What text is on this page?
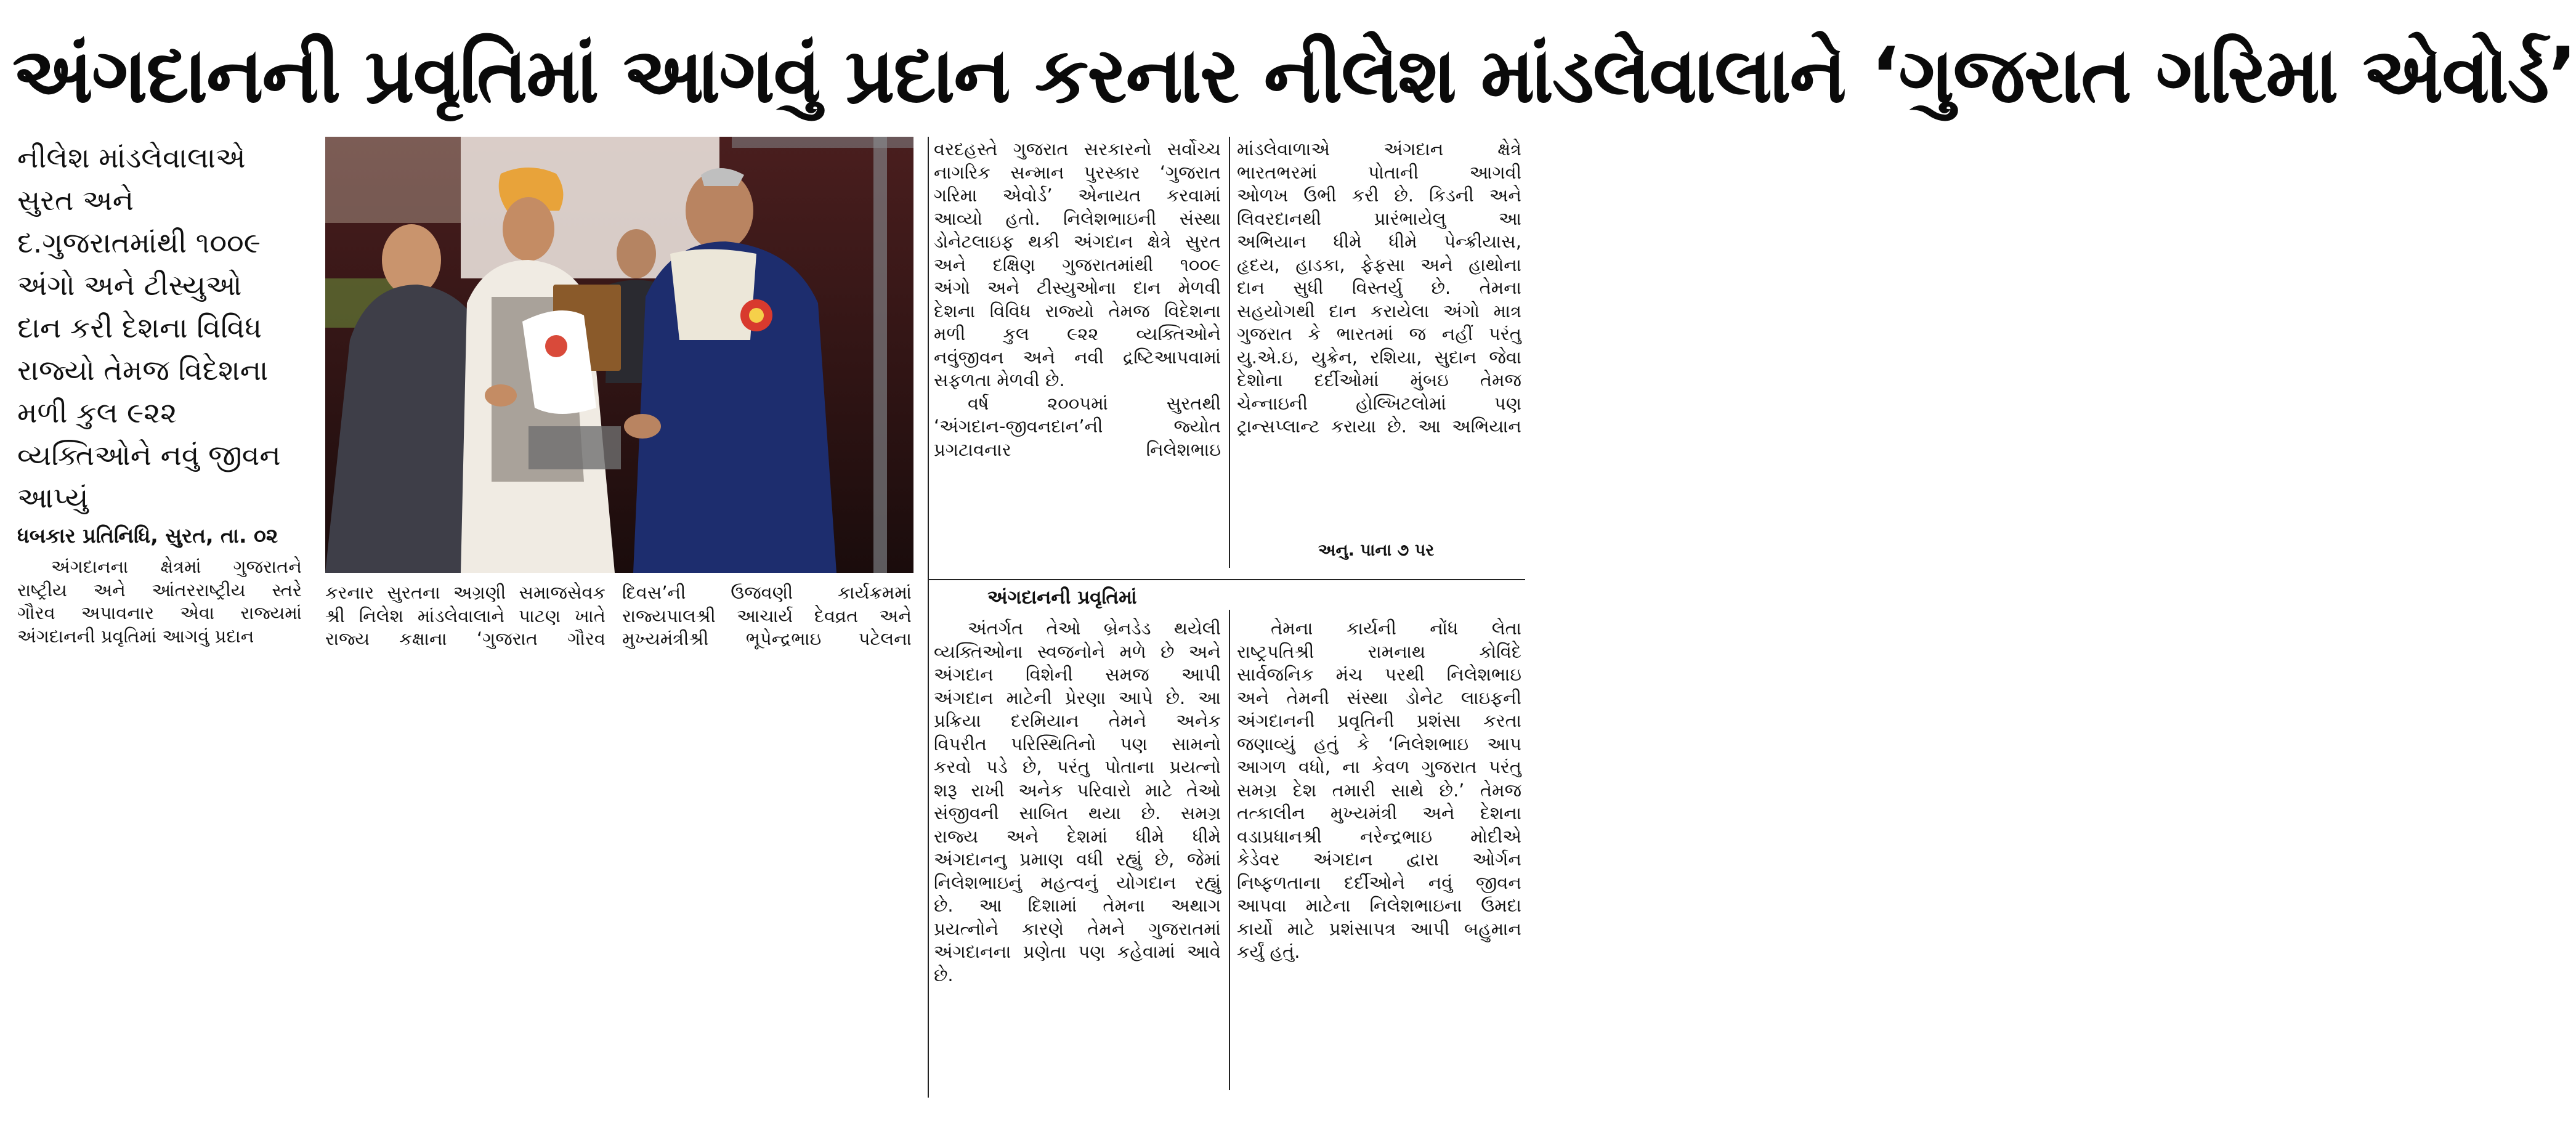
અંગદાનની પ્રવૃતિમાં આગવું પ્રદાન કરનાર નીલેશ માંડલેવાલાને ‘ગુજરાત ગરિમા એવોર્ડ’
નીલેશ માંડલેવાલાએ
સુરત અને
દ.ગુજરાતમાંથી ૧૦૦૯
અંગો અને ટીસ્યુઓ
દાન કરી દેશના વિવિધ
રાજ્યો તેમજ વિદેશના
મળી કુલ ૯૨૨
વ્યક્તિઓને નવું જીવન
આપ્યું
ધબકાર પ્રતિનિધિ, સુરત, તા. ૦૨
અંગદાનના ક્ષેત્રમાં ગુજરાતને
રાષ્ટ્રીય અને આંતરરાષ્ટ્રીય સ્તરે
ગૌરવ અપાવનાર એવા રાજ્યમાં
અંગદાનની પ્રવૃતિમાં આગવું પ્રદાન
કરનાર સુરતના અગ્રણી સમાજસેવક
શ્રી નિલેશ માંડલેવાલાને પાટણ ખાતે
રાજ્ય કક્ષાના ‘ગુજરાત ગૌરવ
દિવસ’ની ઉજવણી કાર્યક્રમમાં
રાજ્યપાલશ્રી આચાર્ય દેવવ્રત અને
મુખ્યમંત્રીશ્રી ભૂપેન્દ્રભાઇ પટેલના
વરદહસ્તે ગુજરાત સરકારનો સર્વોચ્ચ
નાગરિક સન્માન પુરસ્કાર ‘ગુજરાત
ગરિમા એવોર્ડ’ એનાયત કરવામાં
આવ્યો હતો. નિલેશભાઇની સંસ્થા
ડોનેટલાઇફ થકી અંગદાન ક્ષેત્રે સુરત
અને દક્ષિણ ગુજરાતમાંથી ૧૦૦૯
અંગો અને ટીસ્યુઓના દાન મેળવી
દેશના વિવિધ રાજ્યો તેમજ વિદેશના
મળી કુલ ૯૨૨ વ્યક્તિઓને
નવુંજીવન અને નવી દ્રષ્ટિઆપવામાં
સફળતા મેળવી છે.
વર્ષ ૨૦૦૫માં સુરતથી
‘અંગદાન-જીવનદાન’ની જ્યોત
પ્રગટાવનાર નિલેશભાઇ
માંડલેવાળાએ અંગદાન ક્ષેત્રે
ભારતભરમાં પોતાની આગવી
ઓળખ ઉભી કરી છે. કિડની અને
લિવરદાનથી પ્રારંભાયેલુ આ
અભિયાન ધીમે ધીમે પેન્ક્રીયાસ,
હૃદય, હાડકા, ફેફસા અને હાથોના
દાન સુધી વિસ્તર્યુ છે. તેમના
સહયોગથી દાન કરાયેલા અંગો માત્ર
ગુજરાત કે ભારતમાં જ નહીં પરંતુ
યુ.એ.ઇ, યુક્રેન, રશિયા, સુદાન જેવા
દેશોના દર્દીઓમાં મુંબઇ તેમજ
ચેન્નાઇની હોલ્ખિટલોમાં પણ
ટ્રાન્સપ્લાન્ટ કરાયા છે. આ અભિયાન
અનુ. પાના ૭ પર
અંગદાનની પ્રવૃતિમાં
અંતર્ગત તેઓ બ્રેનડેડ થયેલી
વ્યક્તિઓના સ્વજનોને મળે છે અને
અંગદાન વિશેની સમજ આપી
અંગદાન માટેની પ્રેરણા આપે છે. આ
પ્રક્રિયા દરમિયાન તેમને અનેક
વિપરીત પરિસ્થિતિનો પણ સામનો
કરવો પડે છે, પરંતુ પોતાના પ્રયત્નો
શરૂ રાખી અનેક પરિવારો માટે તેઓ
સંજીવની સાબિત થયા છે. સમગ્ર
રાજ્ય અને દેશમાં ધીમે ધીમે
અંગદાનનુ પ્રમાણ વધી રહ્યું છે, જેમાં
નિલેશભાઇનું મહત્વનું યોગદાન રહ્યું
છે. આ દિશામાં તેમના અથાગ
પ્રયત્નોને કારણે તેમને ગુજરાતમાં
અંગદાનના પ્રણેતા પણ કહેવામાં આવે
છે.
તેમના કાર્યની નોંધ લેતા
રાષ્ટ્રપતિશ્રી રામનાથ કોવિંદે
સાર્વજનિક મંચ પરથી નિલેશભાઇ
અને તેમની સંસ્થા ડોનેટ લાઇફની
અંગદાનની પ્રવૃતિની પ્રશંસા કરતા
જણાવ્યું હતું કે ‘નિલેશભાઇ આપ
આગળ વધો, ના કેવળ ગુજરાત પરંતુ
સમગ્ર દેશ તમારી સાથે છે.’ તેમજ
તત્કાલીન મુખ્યમંત્રી અને દેશના
વડાપ્રધાનશ્રી નરેન્દ્રભાઇ મોદીએ
કેડેવર અંગદાન દ્વારા ઓર્ગન
નિષ્ફળતાના દર્દીઓને નવું જીવન
આપવા માટેના નિલેશભાઇના ઉમદા
કાર્યો માટે પ્રશંસાપત્ર આપી બહુમાન
કર્યું હતું.
